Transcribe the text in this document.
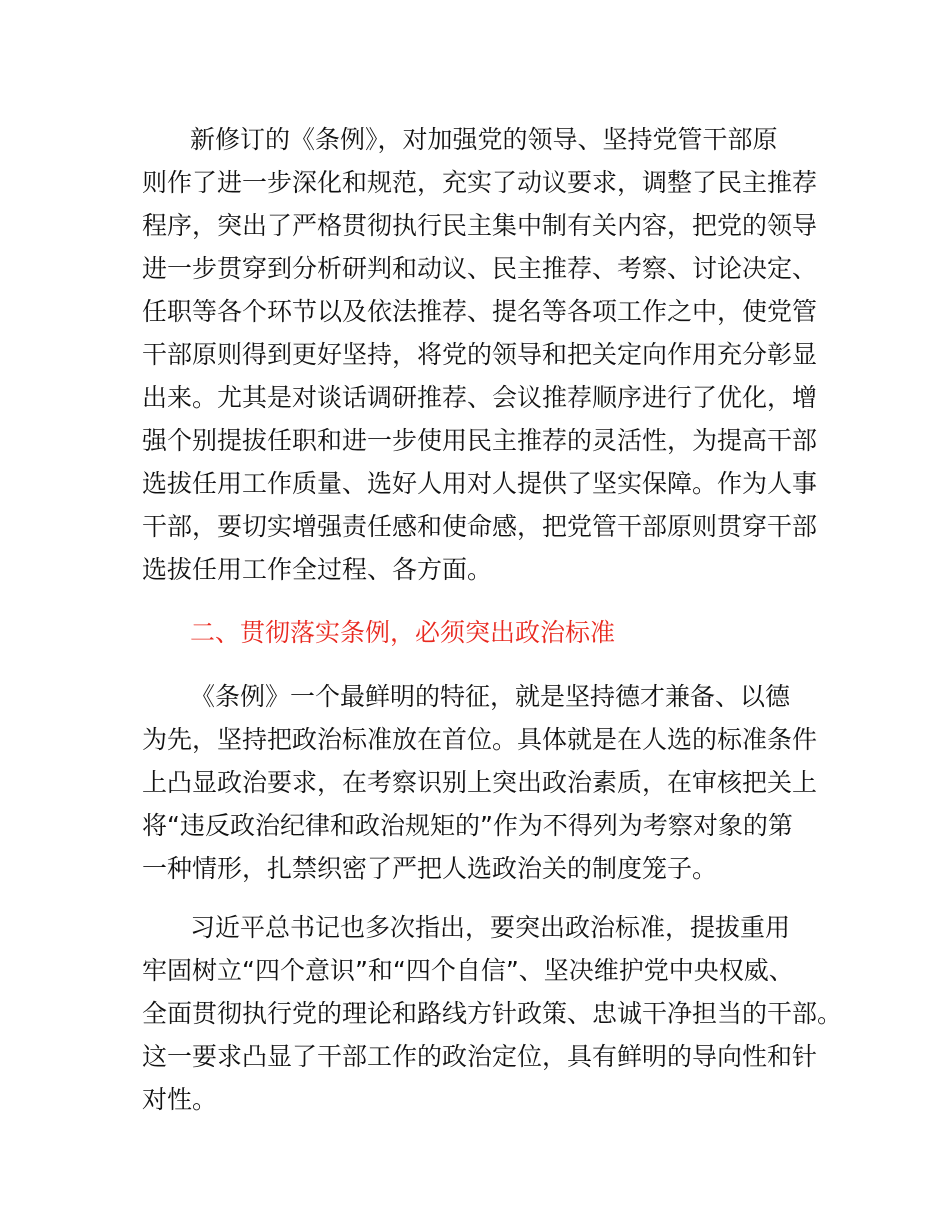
新修订的《条例》，对加强党的领导、坚持党管干部原
则作了进一步深化和规范，充实了动议要求，调整了民主推荐
程序，突出了严格贯彻执行民主集中制有关内容，把党的领导
进一步贯穿到分析研判和动议、民主推荐、考察、讨论决定、
任职等各个环节以及依法推荐、提名等各项工作之中，使党管
干部原则得到更好坚持，将党的领导和把关定向作用充分彰显
出来。尤其是对谈话调研推荐、会议推荐顺序进行了优化，增
强个别提拔任职和进一步使用民主推荐的灵活性，为提高干部
选拔任用工作质量、选好人用对人提供了坚实保障。作为人事
干部，要切实增强责任感和使命感，把党管干部原则贯穿干部
选拔任用工作全过程、各方面。
二、贯彻落实条例，必须突出政治标准
《条例》一个最鲜明的特征，就是坚持德才兼备、以德
为先，坚持把政治标准放在首位。具体就是在人选的标准条件
上凸显政治要求，在考察识别上突出政治素质，在审核把关上
将“违反政治纪律和政治规矩的”作为不得列为考察对象的第
一种情形，扎禁织密了严把人选政治关的制度笼子。
习近平总书记也多次指出，要突出政治标准，提拔重用
牢固树立“四个意识”和“四个自信”、坚决维护党中央权威、
全面贯彻执行党的理论和路线方针政策、忠诚干净担当的干部。
这一要求凸显了干部工作的政治定位，具有鲜明的导向性和针
对性。
